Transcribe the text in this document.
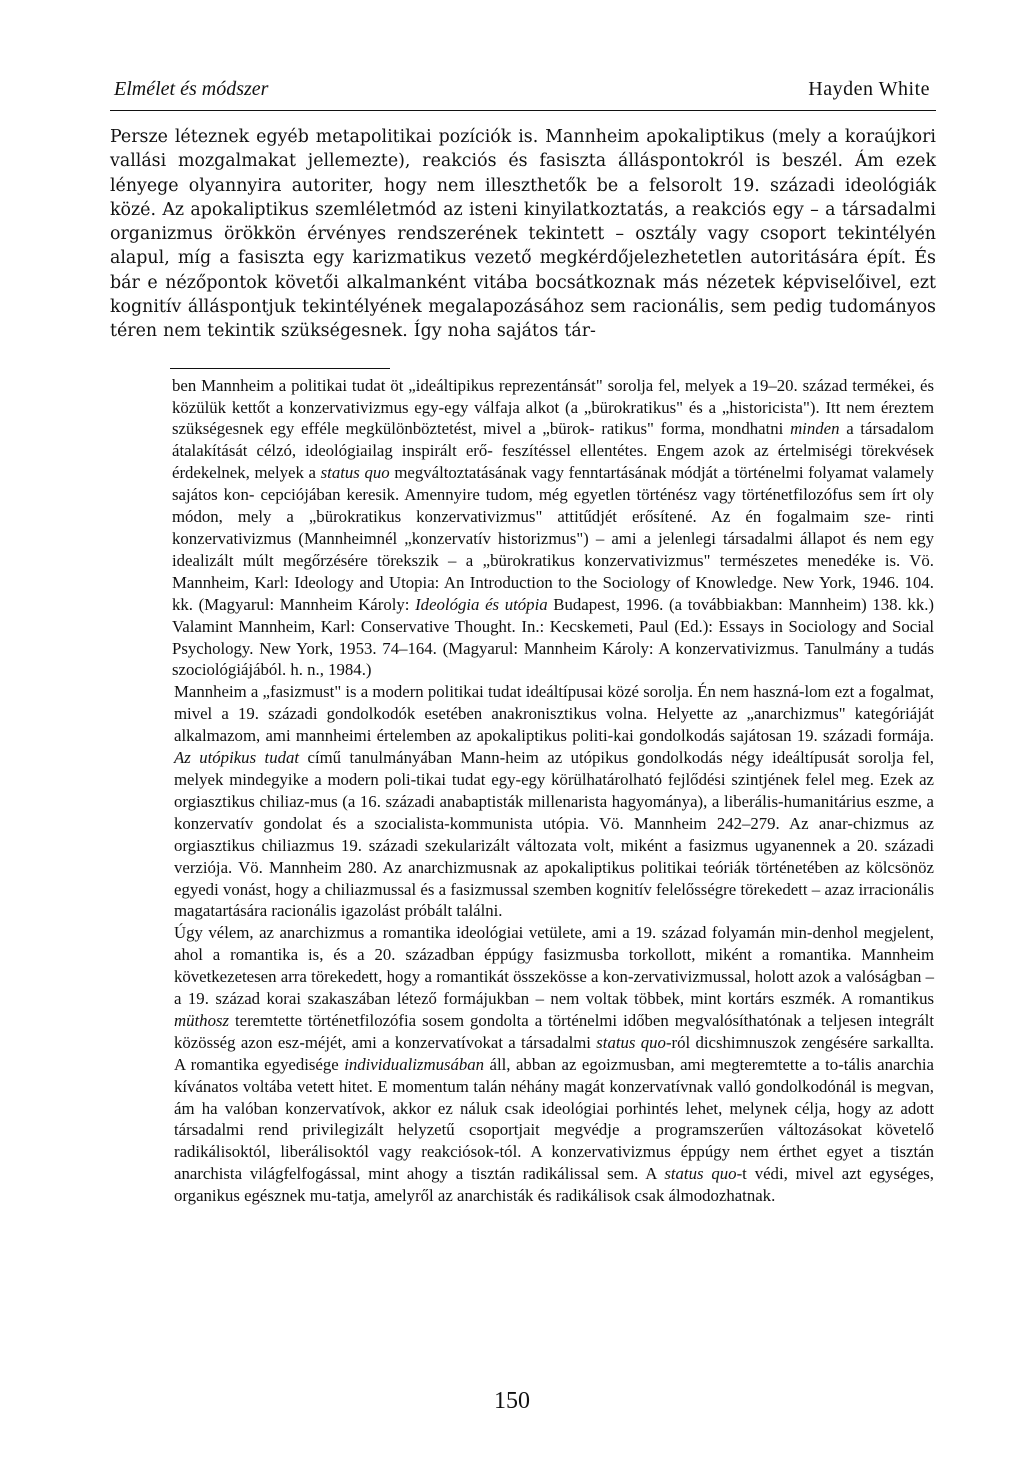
Elmélet és módszer	Hayden White

Persze léteznek egyéb metapolitikai pozíciók is. Mannheim apokaliptikus (mely a koraújkori vallási mozgalmakat jellemezte), reakciós és fasiszta álláspontokról is beszél. Ám ezek lényege olyannyira autoriter, hogy nem illeszthetők be a felsorolt 19. századi ideológiák közé. Az apokaliptikus szemléletmód az isteni kinyilatkoztatás, a reakciós egy – a társadalmi organizmus örökkön érvényes rendszerének tekintett – osztály vagy csoport tekintélyén alapul, míg a fasiszta egy karizmatikus vezető megkérdőjelezhetetlen autoritására épít. És bár e nézőpontok követői alkalmanként vitába bocsátkoznak más nézetek képviselőivel, ezt kognitív álláspontjuk tekintélyének megalapozásához sem racionális, sem pedig tudományos téren nem tekintik szükségesnek. Így noha sajátos tár-

ben Mannheim a politikai tudat öt „ideáltipikus reprezentánsát" sorolja fel, melyek a 19–20. század termékei, és közülük kettőt a konzervativizmus egy-egy válfaja alkot (a „bürokratikus" és a „historicista"). Itt nem éreztem szükségesnek egy efféle megkülönböztetést, mivel a „bürok- ratikus" forma, mondhatni minden a társadalom átalakítását célzó, ideológiailag inspirált erő- feszítéssel ellentétes. Engem azok az értelmiségi törekvések érdekelnek, melyek a status quo megváltoztatásának vagy fenntartásának módját a történelmi folyamat valamely sajátos kon- cepciójában keresik. Amennyire tudom, még egyetlen történész vagy történetfilozófus sem írt oly módon, mely a „bürokratikus konzervativizmus" attitűdjét erősítené. Az én fogalmaim sze- rinti konzervativizmus (Mannheimnél „konzervatív historizmus") – ami a jelenlegi társadalmi állapot és nem egy idealizált múlt megőrzésére törekszik – a „bürokratikus konzervativizmus" természetes menedéke is. Vö. Mannheim, Karl: Ideology and Utopia: An Introduction to the Sociology of Knowledge. New York, 1946. 104. kk. (Magyarul: Mannheim Károly: Ideológia és utópia Budapest, 1996. (a továbbiakban: Mannheim) 138. kk.) Valamint Mannheim, Karl: Conservative Thought. In.: Kecskemeti, Paul (Ed.): Essays in Sociology and Social Psychology. New York, 1953. 74–164. (Magyarul: Mannheim Károly: A konzervativizmus. Tanulmány a tudás szociológiájából. h. n., 1984.)

Mannheim a „fasizmust" is a modern politikai tudat ideáltípusai közé sorolja. Én nem haszná-lom ezt a fogalmat, mivel a 19. századi gondolkodók esetében anakronisztikus volna. Helyette az „anarchizmus" kategóriáját alkalmazom, ami mannheimi értelemben az apokaliptikus politi-kai gondolkodás sajátosan 19. századi formája. Az utópikus tudat című tanulmányában Mann-heim az utópikus gondolkodás négy ideáltípusát sorolja fel, melyek mindegyike a modern poli-tikai tudat egy-egy körülhatárolható fejlődési szintjének felel meg. Ezek az orgiasztikus chiliaz-mus (a 16. századi anabaptisták millenarista hagyománya), a liberális-humanitárius eszme, a konzervatív gondolat és a szocialista-kommunista utópia. Vö. Mannheim 242–279. Az anar-chizmus az orgiasztikus chiliazmus 19. századi szekularizált változata volt, miként a fasizmus ugyanennek a 20. századi verziója. Vö. Mannheim 280. Az anarchizmusnak az apokaliptikus politikai teóriák történetében az kölcsönöz egyedi vonást, hogy a chiliazmussal és a fasizmussal szemben kognitív felelősségre törekedett – azaz irracionális magatartására racionális igazolást próbált találni.

Úgy vélem, az anarchizmus a romantika ideológiai vetülete, ami a 19. század folyamán min-denhol megjelent, ahol a romantika is, és a 20. században éppúgy fasizmusba torkollott, miként a romantika. Mannheim következetesen arra törekedett, hogy a romantikát összekösse a kon-zervativizmussal, holott azok a valóságban – a 19. század korai szakaszában létező formájukban – nem voltak többek, mint kortárs eszmék. A romantikus müthosz teremtette történetfilozófia sosem gondolta a történelmi időben megvalósíthatónak a teljesen integrált közösség azon esz-méjét, ami a konzervatívokat a társadalmi status quo-ról dicshimnuszok zengésére sarkallta. A romantika egyedisége individualizmusában áll, abban az egoizmusban, ami megteremtette a to-tális anarchia kívánatos voltába vetett hitet. E momentum talán néhány magát konzervatívnak valló gondolkodónál is megvan, ám ha valóban konzervatívok, akkor ez náluk csak ideológiai porhintés lehet, melynek célja, hogy az adott társadalmi rend privilegizált helyzetű csoportjait megvédje a programszerűen változásokat követelő radikálisoktól, liberálisoktól vagy reakciósok-tól. A konzervativizmus éppúgy nem érthet egyet a tisztán anarchista világfelfogással, mint ahogy a tisztán radikálissal sem. A status quo-t védi, mivel azt egységes, organikus egésznek mu-tatja, amelyről az anarchisták és radikálisok csak álmodozhatnak.

150
